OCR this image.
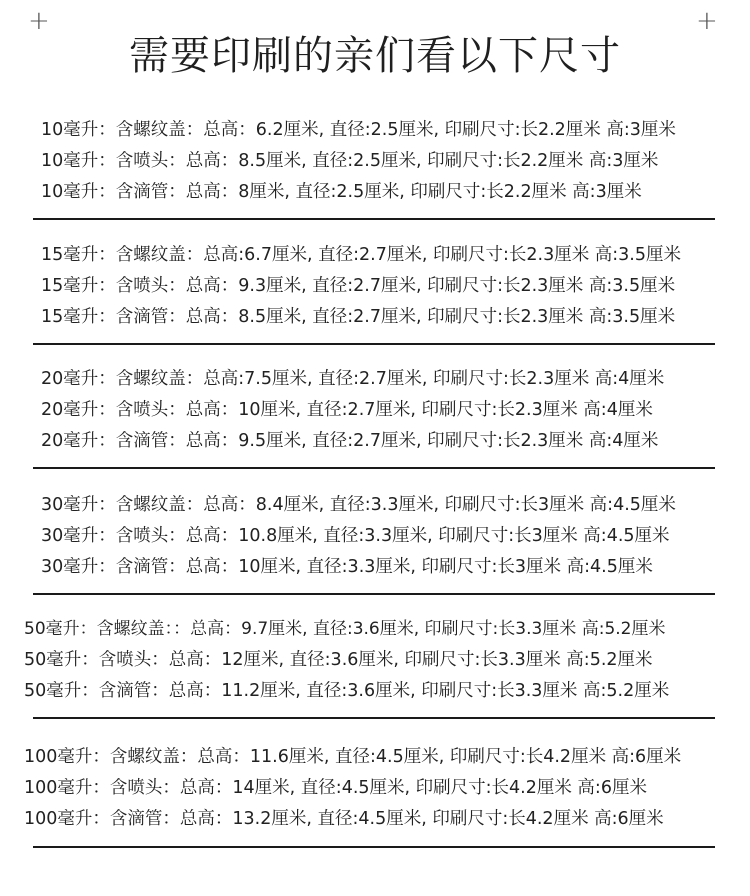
+	+
需要印刷的亲们看以下尺寸
10毫升：含螺纹盖：总高：6.2厘米, 直径:2.5厘米, 印刷尺寸:长2.2厘米 高:3厘米
10毫升：含喷头：总高：8.5厘米, 直径:2.5厘米, 印刷尺寸:长2.2厘米 高:3厘米
10毫升：含滴管：总高：8厘米, 直径:2.5厘米, 印刷尺寸:长2.2厘米 高:3厘米
15毫升：含螺纹盖：总高:6.7厘米, 直径:2.7厘米, 印刷尺寸:长2.3厘米 高:3.5厘米
15毫升：含喷头：总高：9.3厘米, 直径:2.7厘米, 印刷尺寸:长2.3厘米 高:3.5厘米
15毫升：含滴管：总高：8.5厘米, 直径:2.7厘米, 印刷尺寸:长2.3厘米 高:3.5厘米
20毫升：含螺纹盖：总高:7.5厘米, 直径:2.7厘米, 印刷尺寸:长2.3厘米 高:4厘米
20毫升：含喷头：总高：10厘米, 直径:2.7厘米, 印刷尺寸:长2.3厘米 高:4厘米
20毫升：含滴管：总高：9.5厘米, 直径:2.7厘米, 印刷尺寸:长2.3厘米 高:4厘米
30毫升：含螺纹盖：总高：8.4厘米, 直径:3.3厘米, 印刷尺寸:长3厘米 高:4.5厘米
30毫升：含喷头：总高：10.8厘米, 直径:3.3厘米, 印刷尺寸:长3厘米 高:4.5厘米
30毫升：含滴管：总高：10厘米, 直径:3.3厘米, 印刷尺寸:长3厘米 高:4.5厘米
50毫升：含螺纹盖：：总高：9.7厘米, 直径:3.6厘米, 印刷尺寸:长3.3厘米 高:5.2厘米
50毫升：含喷头：总高：12厘米, 直径:3.6厘米, 印刷尺寸:长3.3厘米 高:5.2厘米
50毫升：含滴管：总高：11.2厘米, 直径:3.6厘米, 印刷尺寸:长3.3厘米 高:5.2厘米
100毫升：含螺纹盖：总高：11.6厘米, 直径:4.5厘米, 印刷尺寸:长4.2厘米 高:6厘米
100毫升：含喷头：总高：14厘米, 直径:4.5厘米, 印刷尺寸:长4.2厘米 高:6厘米
100毫升：含滴管：总高：13.2厘米, 直径:4.5厘米, 印刷尺寸:长4.2厘米 高:6厘米
